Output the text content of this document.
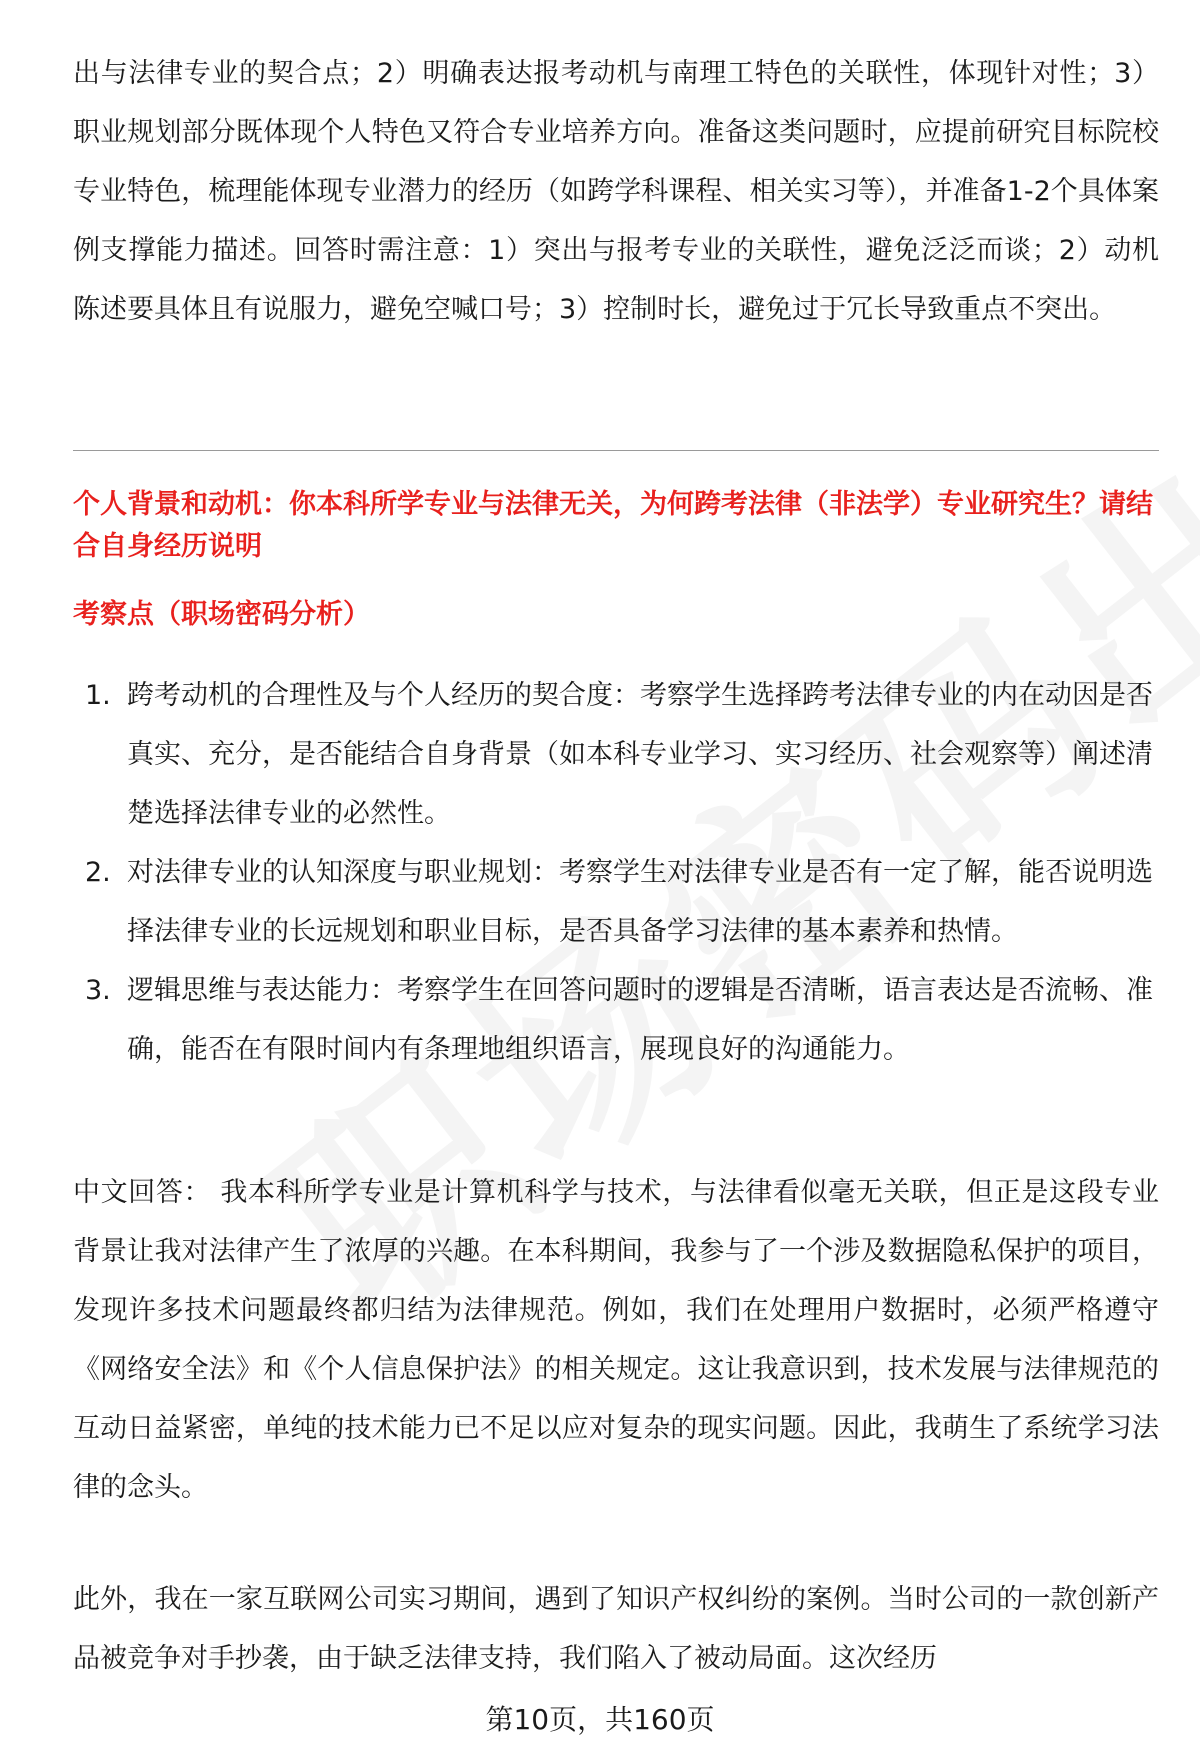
出与法律专业的契合点；2）明确表达报考动机与南理工特色的关联性，体现针对性；3）职业规划部分既体现个人特色又符合专业培养方向。准备这类问题时，应提前研究目标院校专业特色，梳理能体现专业潜力的经历（如跨学科课程、相关实习等），并准备1-2个具体案例支撑能力描述。回答时需注意：1）突出与报考专业的关联性，避免泛泛而谈；2）动机陈述要具体且有说服力，避免空喊口号；3）控制时长，避免过于冗长导致重点不突出。

个人背景和动机：你本科所学专业与法律无关，为何跨考法律（非法学）专业研究生？请结合自身经历说明
考察点（职场密码分析）
1. 跨考动机的合理性及与个人经历的契合度：考察学生选择跨考法律专业的内在动因是否真实、充分，是否能结合自身背景（如本科专业学习、实习经历、社会观察等）阐述清楚选择法律专业的必然性。
2. 对法律专业的认知深度与职业规划：考察学生对法律专业是否有一定了解，能否说明选择法律专业的长远规划和职业目标，是否具备学习法律的基本素养和热情。
3. 逻辑思维与表达能力：考察学生在回答问题时的逻辑是否清晰，语言表达是否流畅、准确，能否在有限时间内有条理地组织语言，展现良好的沟通能力。

中文回答： 我本科所学专业是计算机科学与技术，与法律看似毫无关联，但正是这段专业背景让我对法律产生了浓厚的兴趣。在本科期间，我参与了一个涉及数据隐私保护的项目，发现许多技术问题最终都归结为法律规范。例如，我们在处理用户数据时，必须严格遵守《网络安全法》和《个人信息保护法》的相关规定。这让我意识到，技术发展与法律规范的互动日益紧密，单纯的技术能力已不足以应对复杂的现实问题。因此，我萌生了系统学习法律的念头。

此外，我在一家互联网公司实习期间，遇到了知识产权纠纷的案例。当时公司的一款创新产品被竞争对手抄袭，由于缺乏法律支持，我们陷入了被动局面。这次经历

第10页，共160页
